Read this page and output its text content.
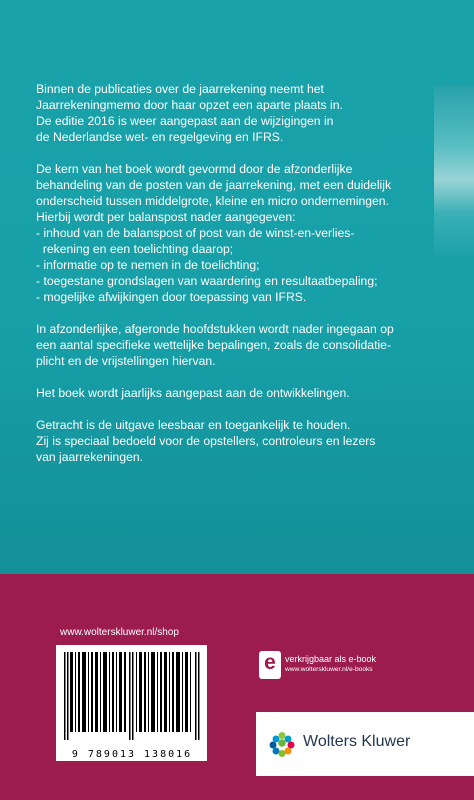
Binnen de publicaties over de jaarrekening neemt het
Jaarrekeningmemo door haar opzet een aparte plaats in.
De editie 2016 is weer aangepast aan de wijzigingen in
de Nederlandse wet- en regelgeving en IFRS.
De kern van het boek wordt gevormd door de afzonderlijke
behandeling van de posten van de jaarrekening, met een duidelijk
onderscheid tussen middelgrote, kleine en micro ondernemingen.
Hierbij wordt per balanspost nader aangegeven:
- inhoud van de balanspost of post van de winst-en-verlies-
rekening en een toelichting daarop;
- informatie op te nemen in de toelichting;
- toegestane grondslagen van waardering en resultaatbepaling;
- mogelijke afwijkingen door toepassing van IFRS.
In afzonderlijke, afgeronde hoofdstukken wordt nader ingegaan op
een aantal specifieke wettelijke bepalingen, zoals de consolidatie-
plicht en de vrijstellingen hiervan.
Het boek wordt jaarlijks aangepast aan de ontwikkelingen.
Getracht is de uitgave leesbaar en toegankelijk te houden.
Zij is speciaal bedoeld voor de opstellers, controleurs en lezers
van jaarrekeningen.
www.wolterskluwer.nl/shop
9 789013 138016
e	verkrijgbaar als e-book
www.wolterskluwer.nl/e-books
Wolters Kluwer
